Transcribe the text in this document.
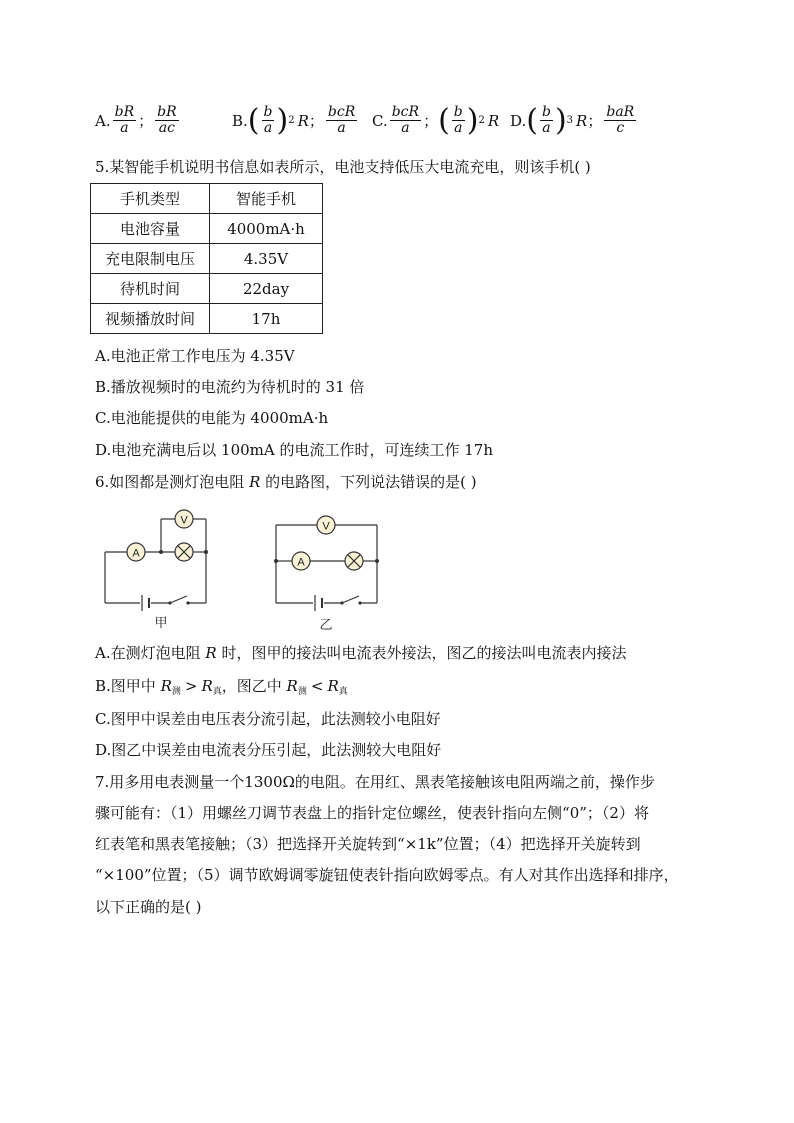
A. $\frac{bR}{a}$ ； $\frac{bR}{ac}$	B. ( $\frac{b}{a}$ ) 2 R ； $\frac{\text{bcR}}{a} C$. $\frac{\text{bcR}}{a}$ ； ( $\frac{b}{a}$ ) 2 R D. ( $\frac{b}{a}$ ) 3 R ； $\frac{\text{baR}}{c}$
5.某智能手机说明书信息如表所示，电池支持低压大电流充电，则该手机( )
手机类型	智能手机
电池容量	4000mA·h
充电限制电压	4.35V
待机时间	22day
视频播放时间	17h
A.电池正常工作电压为 4.35V
B.播放视频时的电流约为待机时的 31 倍
C.电池能提供的电能为 4000mA·h
D.电池充满电后以 100mA 的电流工作时，可连续工作 17h
6.如图都是测灯泡电阻 R 的电路图，下列说法错误的是( )
A
V
甲
V
A
乙
A.在测灯泡电阻 R 时，图甲的接法叫电流表外接法，图乙的接法叫电流表内接法
B.图甲中 $R_测 > R_真$，图乙中 $R_测 < R_真$
C.图甲中误差由电压表分流引起，此法测较小电阻好
D.图乙中误差由电流表分压引起，此法测较大电阻好
7.用多用电表测量一个1300Ω的电阻。在用红、黑表笔接触该电阻两端之前，操作步
骤可能有：（1）用螺丝刀调节表盘上的指针定位螺丝，使表针指向左侧“0”；（2）将
红表笔和黑表笔接触；（3）把选择开关旋转到“×1k”位置；（4）把选择开关旋转到
“×100”位置；（5）调节欧姆调零旋钮使表针指向欧姆零点。有人对其作出选择和排序，
以下正确的是( )
